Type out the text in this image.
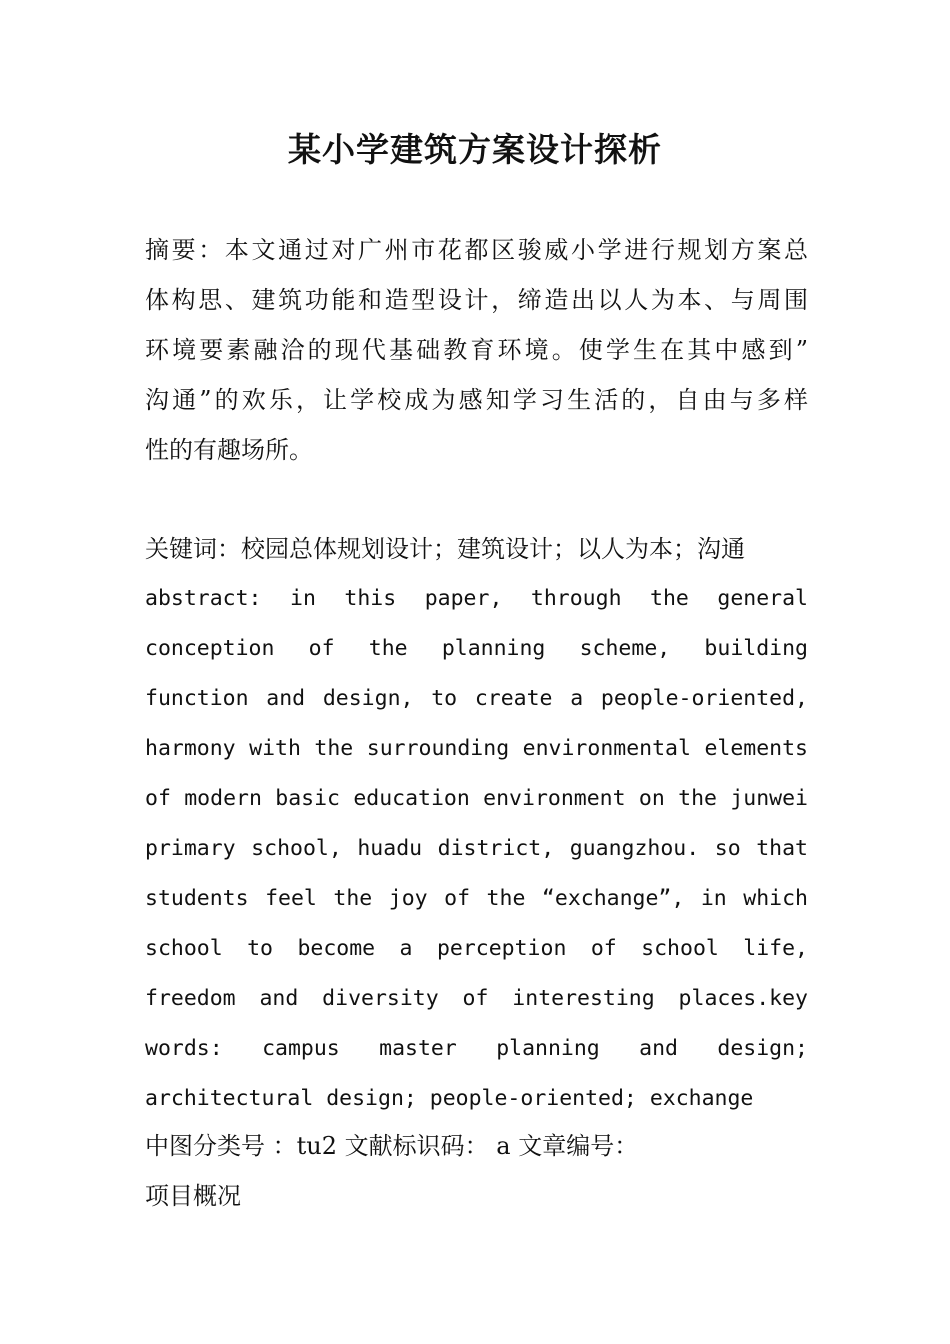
某小学建筑方案设计探析
摘要：本文通过对广州市花都区骏威小学进行规划方案总
体构思、建筑功能和造型设计，缔造出以人为本、与周围
环境要素融洽的现代基础教育环境。使学生在其中感到”
沟通”的欢乐，让学校成为感知学习生活的，自由与多样
性的有趣场所。
关键词：校园总体规划设计；建筑设计；以人为本；沟通
abstract: in this paper, through the general
conception of the planning scheme, building
function and design, to create a people-oriented,
harmony with the surrounding environmental elements
of modern basic education environment on the junwei
primary school, huadu district, guangzhou. so that
students feel the joy of the “exchange”, in which
school to become a perception of school life,
freedom and diversity of interesting places.key
words: campus master planning and design;
architectural design; people-oriented; exchange
中图分类号 ：tu2 文献标识码： a 文章编号：
项目概况
